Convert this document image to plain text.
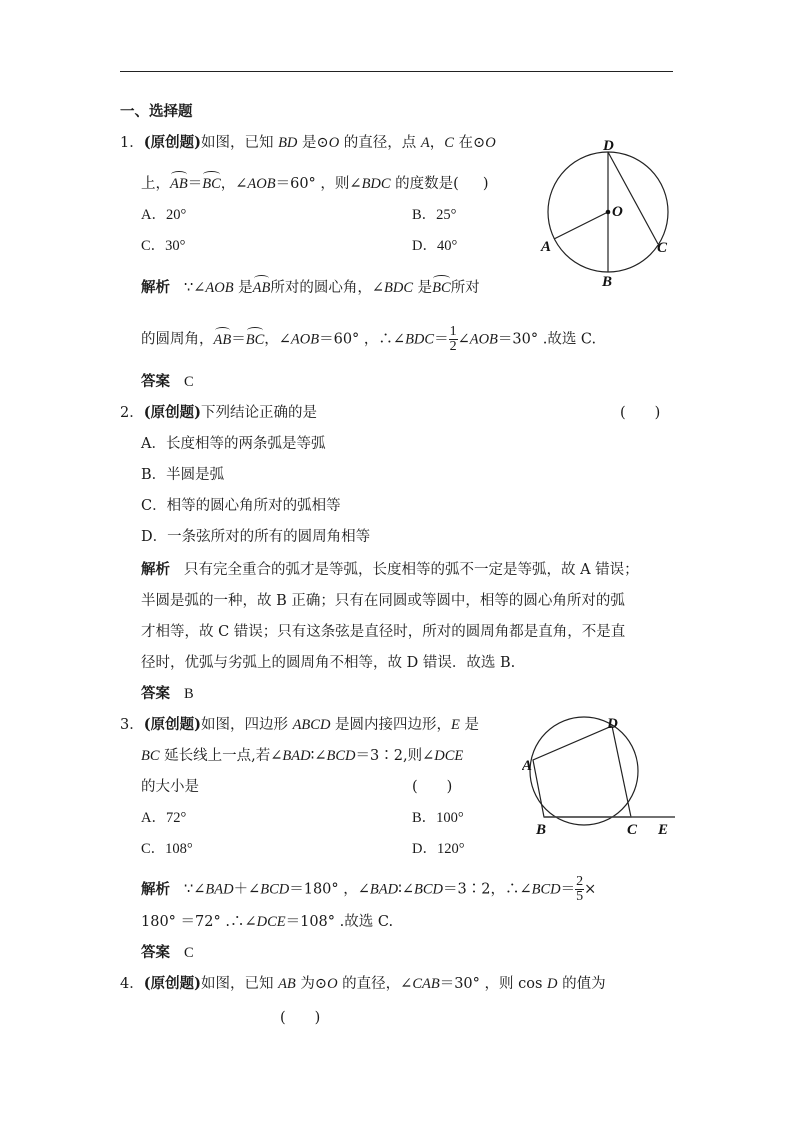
一、选择题
1．(原创题)如图，已知 BD 是⊙O 的直径，点 A，C 在⊙O
上，AB＝BC，∠AOB＝60° ，则∠BDC 的度数是( )
A．20°	B．25°
C．30°	D．40°
解析 ∵∠AOB 是AB所对的圆心角，∠BDC 是BC所对
的圆周角，AB＝BC，∠AOB＝60° ，∴∠BDC＝ $\frac{1}{2}$ ∠AOB＝30° .故选 C.
答案 C
D
O
A	C
B
2．(原创题)下列结论正确的是	(　　)
A．长度相等的两条弧是等弧
B．半圆是弧
C．相等的圆心角所对的弧相等
D．一条弦所对的所有的圆周角相等
解析 只有完全重合的弧才是等弧，长度相等的弧不一定是等弧，故 A 错误；
半圆是弧的一种，故 B 正确；只有在同圆或等圆中，相等的圆心角所对的弧
才相等，故 C 错误；只有这条弦是直径时，所对的圆周角都是直角，不是直
径时，优弧与劣弧上的圆周角不相等，故 D 错误．故选 B.
答案 B
3．(原创题)如图，四边形 ABCD 是圆内接四边形，E 是
BC 延长线上一点,若∠BAD∶∠BCD＝3∶2,则∠DCE
的大小是	(　　)
A．72°	B．100°
C．108°	D．120°
解析 ∵∠BAD＋∠BCD＝180° ，∠BAD∶∠BCD＝3∶2，∴∠BCD＝ $\frac{2}{5}$ ×
180° ＝72° .∴∠DCE＝108° .故选 C.
答案 C
A
D
B	C E
4．(原创题)如图，已知 AB 为⊙O 的直径，∠CAB＝30° ，则 cos D 的值为
(　　)
